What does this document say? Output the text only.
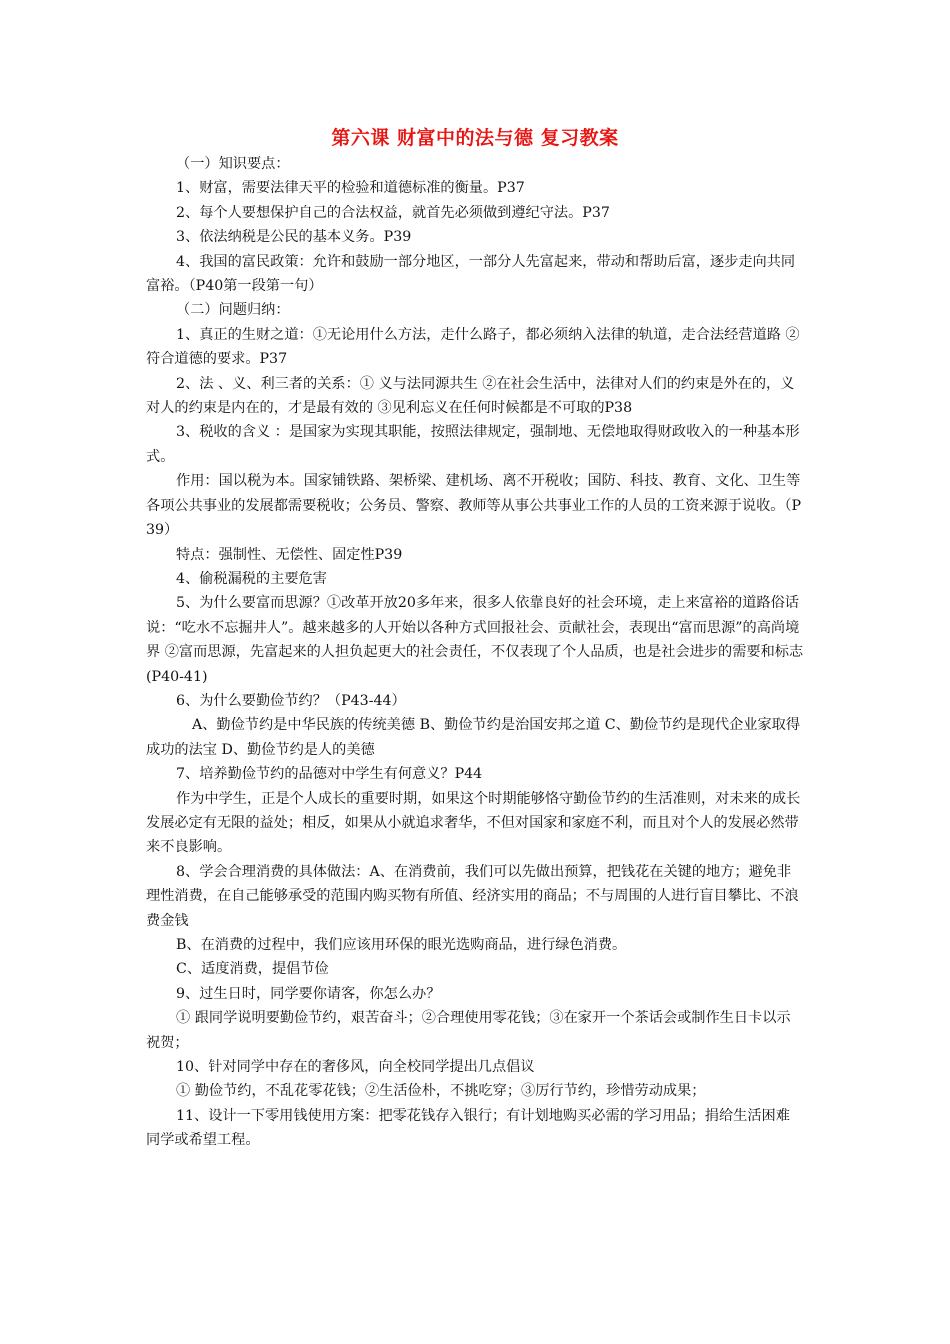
第六课 财富中的法与德 复习教案

（一）知识要点：

1、财富，需要法律天平的检验和道德标准的衡量。P37

2、每个人要想保护自己的合法权益，就首先必须做到遵纪守法。P37

3、依法纳税是公民的基本义务。P39

4、我国的富民政策：允许和鼓励一部分地区，一部分人先富起来，带动和帮助后富，逐步走向共同富裕。（P40第一段第一句）

（二）问题归纳：

1、真正的生财之道：①无论用什么方法，走什么路子，都必须纳入法律的轨道，走合法经营道路 ②符合道德的要求。P37

2、法 、义、利三者的关系：① 义与法同源共生 ②在社会生活中，法律对人们的约束是外在的，义对人的约束是内在的，才是最有效的 ③见利忘义在任何时候都是不可取的P38

3、税收的含义 ：是国家为实现其职能，按照法律规定，强制地、无偿地取得财政收入的一种基本形式。

作用：国以税为本。国家铺铁路、架桥梁、建机场、离不开税收；国防、科技、教育、文化、卫生等各项公共事业的发展都需要税收；公务员、警察、教师等从事公共事业工作的人员的工资来源于说收。（P39）

特点：强制性、无偿性、固定性P39

4、偷税漏税的主要危害

5、为什么要富而思源？①改革开放20多年来，很多人依靠良好的社会环境，走上来富裕的道路俗话说：“吃水不忘掘井人”。越来越多的人开始以各种方式回报社会、贡献社会，表现出“富而思源”的高尚境界 ②富而思源，先富起来的人担负起更大的社会责任，不仅表现了个人品质，也是社会进步的需要和标志(P40-41)

6、为什么要勤俭节约？（P43-44）

A、勤俭节约是中华民族的传统美德 B、勤俭节约是治国安邦之道 C、勤俭节约是现代企业家取得成功的法宝 D、勤俭节约是人的美德

7、培养勤俭节约的品德对中学生有何意义？P44

作为中学生，正是个人成长的重要时期，如果这个时期能够恪守勤俭节约的生活准则，对未来的成长发展必定有无限的益处；相反，如果从小就追求奢华，不但对国家和家庭不利，而且对个人的发展必然带来不良影响。

8、学会合理消费的具体做法：A、在消费前，我们可以先做出预算，把钱花在关键的地方；避免非理性消费，在自己能够承受的范围内购买物有所值、经济实用的商品；不与周围的人进行盲目攀比、不浪费金钱

B、在消费的过程中，我们应该用环保的眼光选购商品，进行绿色消费。

C、适度消费，提倡节俭

9、过生日时，同学要你请客，你怎么办？

① 跟同学说明要勤俭节约，艰苦奋斗；②合理使用零花钱；③在家开一个茶话会或制作生日卡以示祝贺；

10、针对同学中存在的奢侈风，向全校同学提出几点倡议

① 勤俭节约，不乱花零花钱；②生活俭朴，不挑吃穿；③厉行节约，珍惜劳动成果；

11、设计一下零用钱使用方案：把零花钱存入银行；有计划地购买必需的学习用品；捐给生活困难同学或希望工程。
